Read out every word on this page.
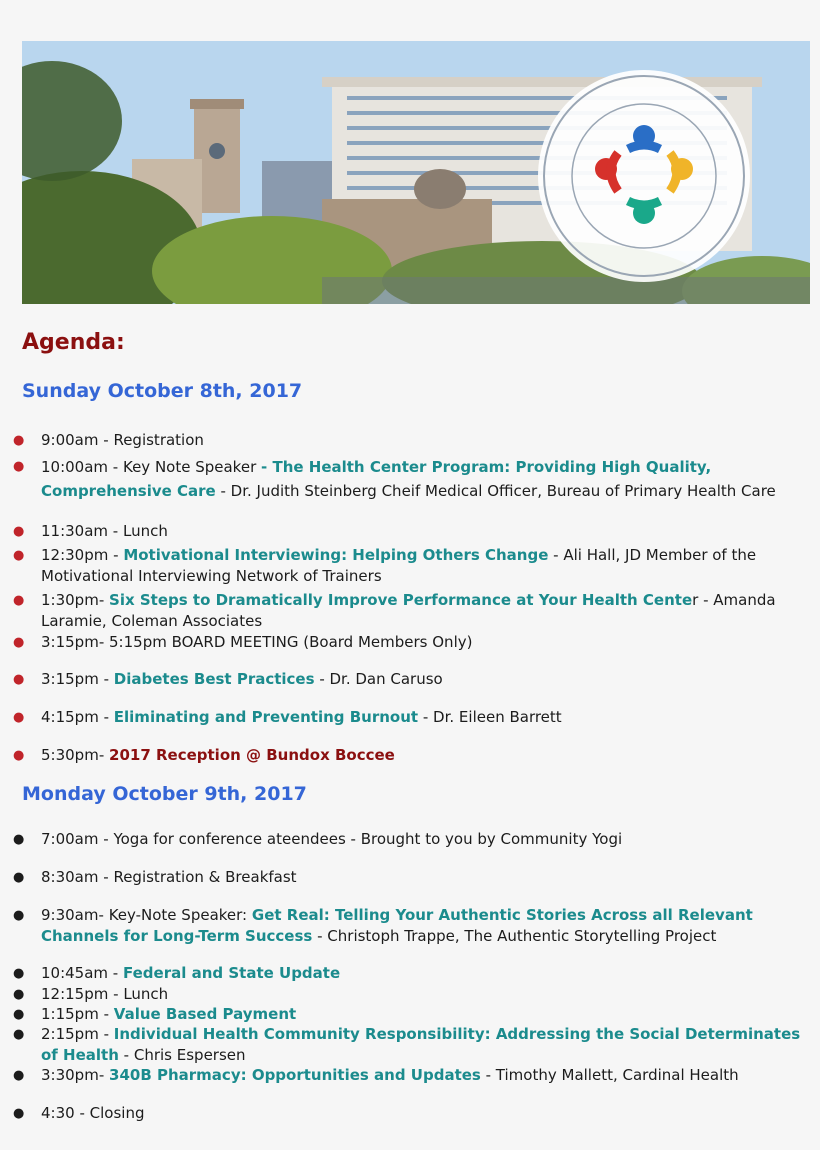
Agenda:
Sunday October 8th, 2017
● 9:00am - Registration
● 10:00am - Key Note Speaker - The Health Center Program: Providing High Quality, Comprehensive Care - Dr. Judith Steinberg Cheif Medical Officer, Bureau of Primary Health Care
● 11:30am - Lunch
● 12:30pm - Motivational Interviewing: Helping Others Change - Ali Hall, JD Member of the Motivational Interviewing Network of Trainers
● 1:30pm- Six Steps to Dramatically Improve Performance at Your Health Center - Amanda Laramie, Coleman Associates
● 3:15pm- 5:15pm BOARD MEETING (Board Members Only)
● 3:15pm - Diabetes Best Practices - Dr. Dan Caruso
● 4:15pm - Eliminating and Preventing Burnout - Dr. Eileen Barrett
● 5:30pm- 2017 Reception @ Bundox Boccee
Monday October 9th, 2017
● 7:00am - Yoga for conference ateendees - Brought to you by Community Yogi
● 8:30am - Registration & Breakfast
● 9:30am- Key-Note Speaker: Get Real: Telling Your Authentic Stories Across all Relevant Channels for Long-Term Success - Christoph Trappe, The Authentic Storytelling Project
● 10:45am - Federal and State Update
● 12:15pm - Lunch
● 1:15pm - Value Based Payment
● 2:15pm - Individual Health Community Responsibility: Addressing the Social Determinates of Health - Chris Espersen
● 3:30pm- 340B Pharmacy: Opportunities and Updates - Timothy Mallett, Cardinal Health
● 4:30 - Closing
